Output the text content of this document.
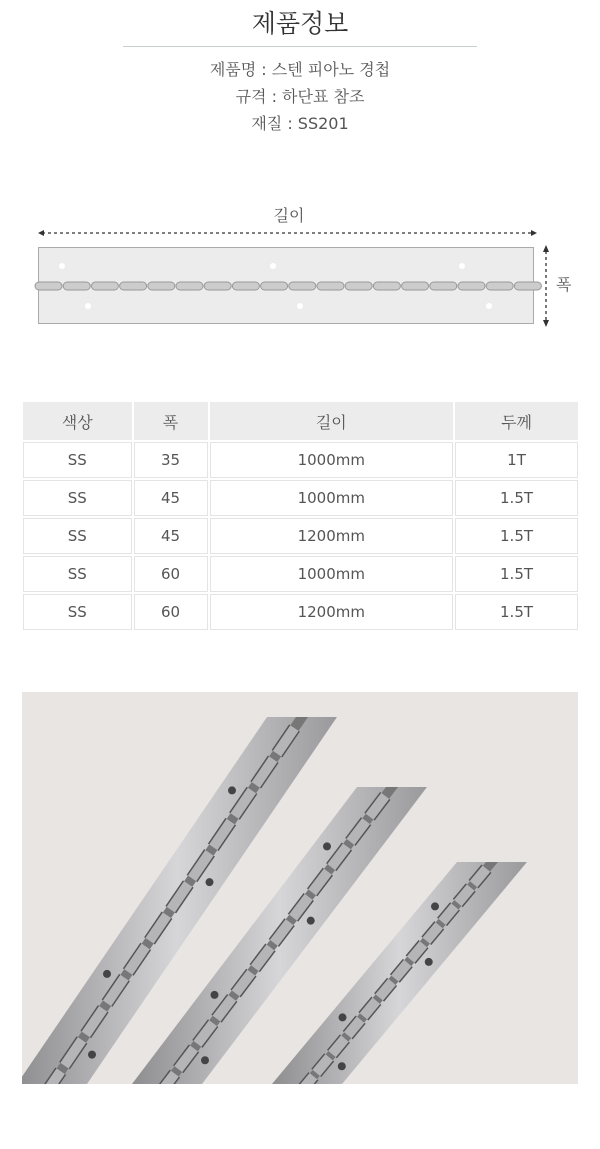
제품정보
제품명 : 스텐 피아노 경첩
규격 : 하단표 참조
재질 : SS201
길이
폭
색상	폭	길이	두께
SS	35	1000mm	1T
SS	45	1000mm	1.5T
SS	45	1200mm	1.5T
SS	60	1000mm	1.5T
SS	60	1200mm	1.5T
